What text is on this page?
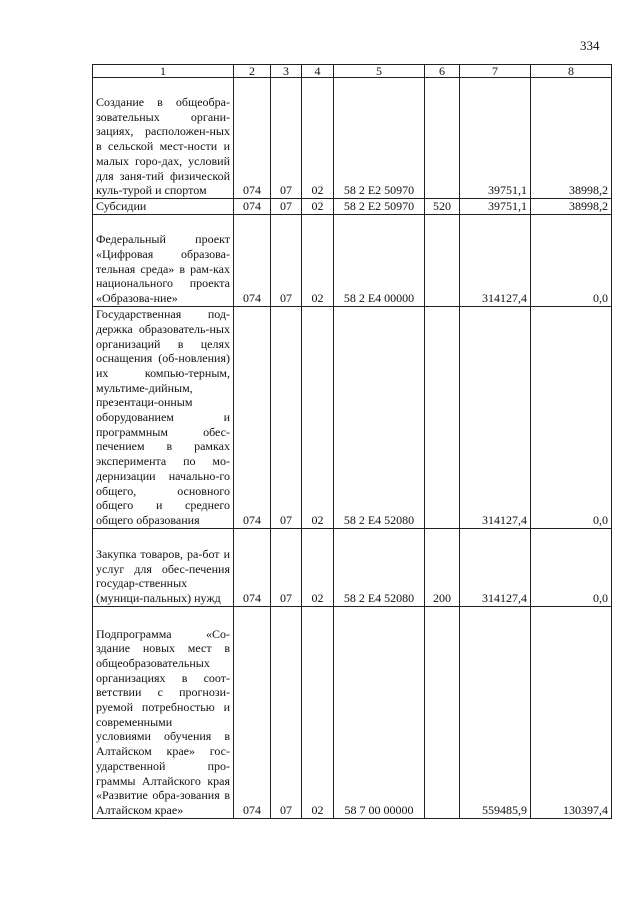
334
1	2	3	4	5	6	7	8
Создание в общеобра-зовательных органи-зациях, расположен-ных в сельской мест-ности и малых горо-дах, условий для заня-тий физической куль-турой и спортом	074	07	02	58 2 Е2 50970		39751,1	38998,2
Субсидии	074	07	02	58 2 Е2 50970	520	39751,1	38998,2
Федеральный проект «Цифровая образова-тельная среда» в рам-ках национального проекта «Образова-ние»	074	07	02	58 2 Е4 00000		314127,4	0,0
Государственная под-держка образователь-ных организаций в целях оснащения (об-новления) их компью-терным, мультиме-дийным, презентаци-онным оборудованием и программным обес-печением в рамках эксперимента по мо-дернизации начально-го общего, основного общего и среднего общего образования	074	07	02	58 2 Е4 52080		314127,4	0,0
Закупка товаров, ра-бот и услуг для обес-печения государ-ственных (муници-пальных) нужд	074	07	02	58 2 Е4 52080	200	314127,4	0,0
Подпрограмма «Со-здание новых мест в общеобразовательных организациях в соот-ветствии с прогнози-руемой потребностью и современными условиями обучения в Алтайском крае» гос-ударственной про-граммы Алтайского края «Развитие обра-зования в Алтайском крае»	074	07	02	58 7 00 00000		559485,9	130397,4
